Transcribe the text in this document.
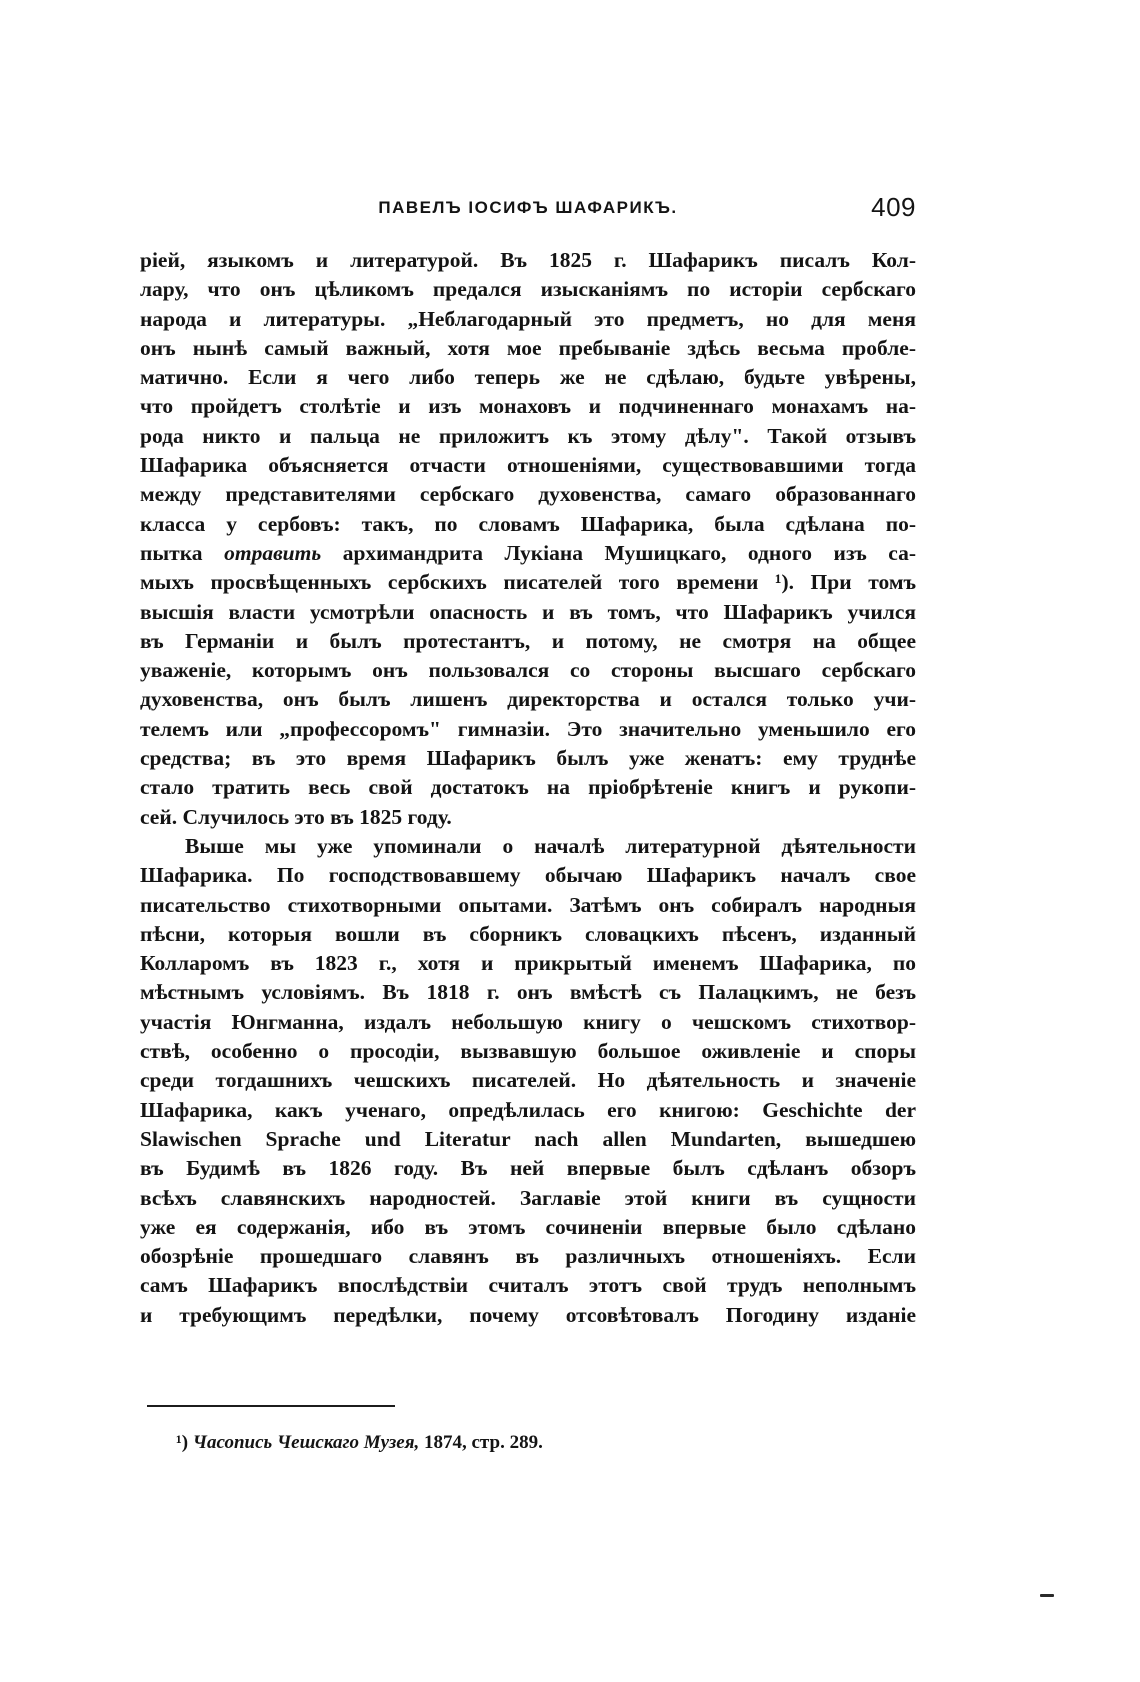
ПАВЕЛЪ ІОСИФЪ ШАФАРИКЪ.	409
ріей, языкомъ и литературой. Въ 1825 г. Шафарикъ писалъ Кол-
лару, что онъ цѣликомъ предался изысканіямъ по исторіи сербскаго
народа и литературы. „Неблагодарный это предметъ, но для меня
онъ нынѣ самый важный, хотя мое пребываніе здѣсь весьма пробле-
матично. Если я чего либо теперь же не сдѣлаю, будьте увѣрены,
что пройдетъ столѣтіе и изъ монаховъ и подчиненнаго монахамъ на-
рода никто и пальца не приложитъ къ этому дѣлу". Такой отзывъ
Шафарика объясняется отчасти отношеніями, существовавшими тогда
между представителями сербскаго духовенства, самаго образованнаго
класса у сербовъ: такъ, по словамъ Шафарика, была сдѣлана по-
пытка отравить архимандрита Лукіана Мушицкаго, одного изъ са-
мыхъ просвѣщенныхъ сербскихъ писателей того времени ¹). При томъ
высшія власти усмотрѣли опасность и въ томъ, что Шафарикъ учился
въ Германіи и былъ протестантъ, и потому, не смотря на общее
уваженіе, которымъ онъ пользовался со стороны высшаго сербскаго
духовенства, онъ былъ лишенъ директорства и остался только учи-
телемъ или „профессоромъ" гимназіи. Это значительно уменьшило его
средства; въ это время Шафарикъ былъ уже женатъ: ему труднѣе
стало тратить весь свой достатокъ на пріобрѣтеніе книгъ и рукопи-
сей. Случилось это въ 1825 году.
Выше мы уже упоминали о началѣ литературной дѣятельности
Шафарика. По господствовавшему обычаю Шафарикъ началъ свое
писательство стихотворными опытами. Затѣмъ онъ собиралъ народныя
пѣсни, которыя вошли въ сборникъ словацкихъ пѣсенъ, изданный
Колларомъ въ 1823 г., хотя и прикрытый именемъ Шафарика, по
мѣстнымъ условіямъ. Въ 1818 г. онъ вмѣстѣ съ Палацкимъ, не безъ
участія Юнгманна, издалъ небольшую книгу о чешскомъ стихотвор-
ствѣ, особенно о просодіи, вызвавшую большое оживленіе и споры
среди тогдашнихъ чешскихъ писателей. Но дѣятельность и значеніе
Шафарика, какъ ученаго, опредѣлилась его книгою: Geschichte der
Slawischen Sprache und Literatur nach allen Mundarten, вышедшею
въ Будимѣ въ 1826 году. Въ ней впервые былъ сдѣланъ обзоръ
всѣхъ славянскихъ народностей. Заглавіе этой книги въ сущности
уже ея содержанія, ибо въ этомъ сочиненіи впервые было сдѣлано
обозрѣніе прошедшаго славянъ въ различныхъ отношеніяхъ. Если
самъ Шафарикъ впослѣдствіи считалъ этотъ свой трудъ неполнымъ
и требующимъ передѣлки, почему отсовѣтовалъ Погодину изданіе
¹) Часопись Чешскаго Музея, 1874, стр. 289.
